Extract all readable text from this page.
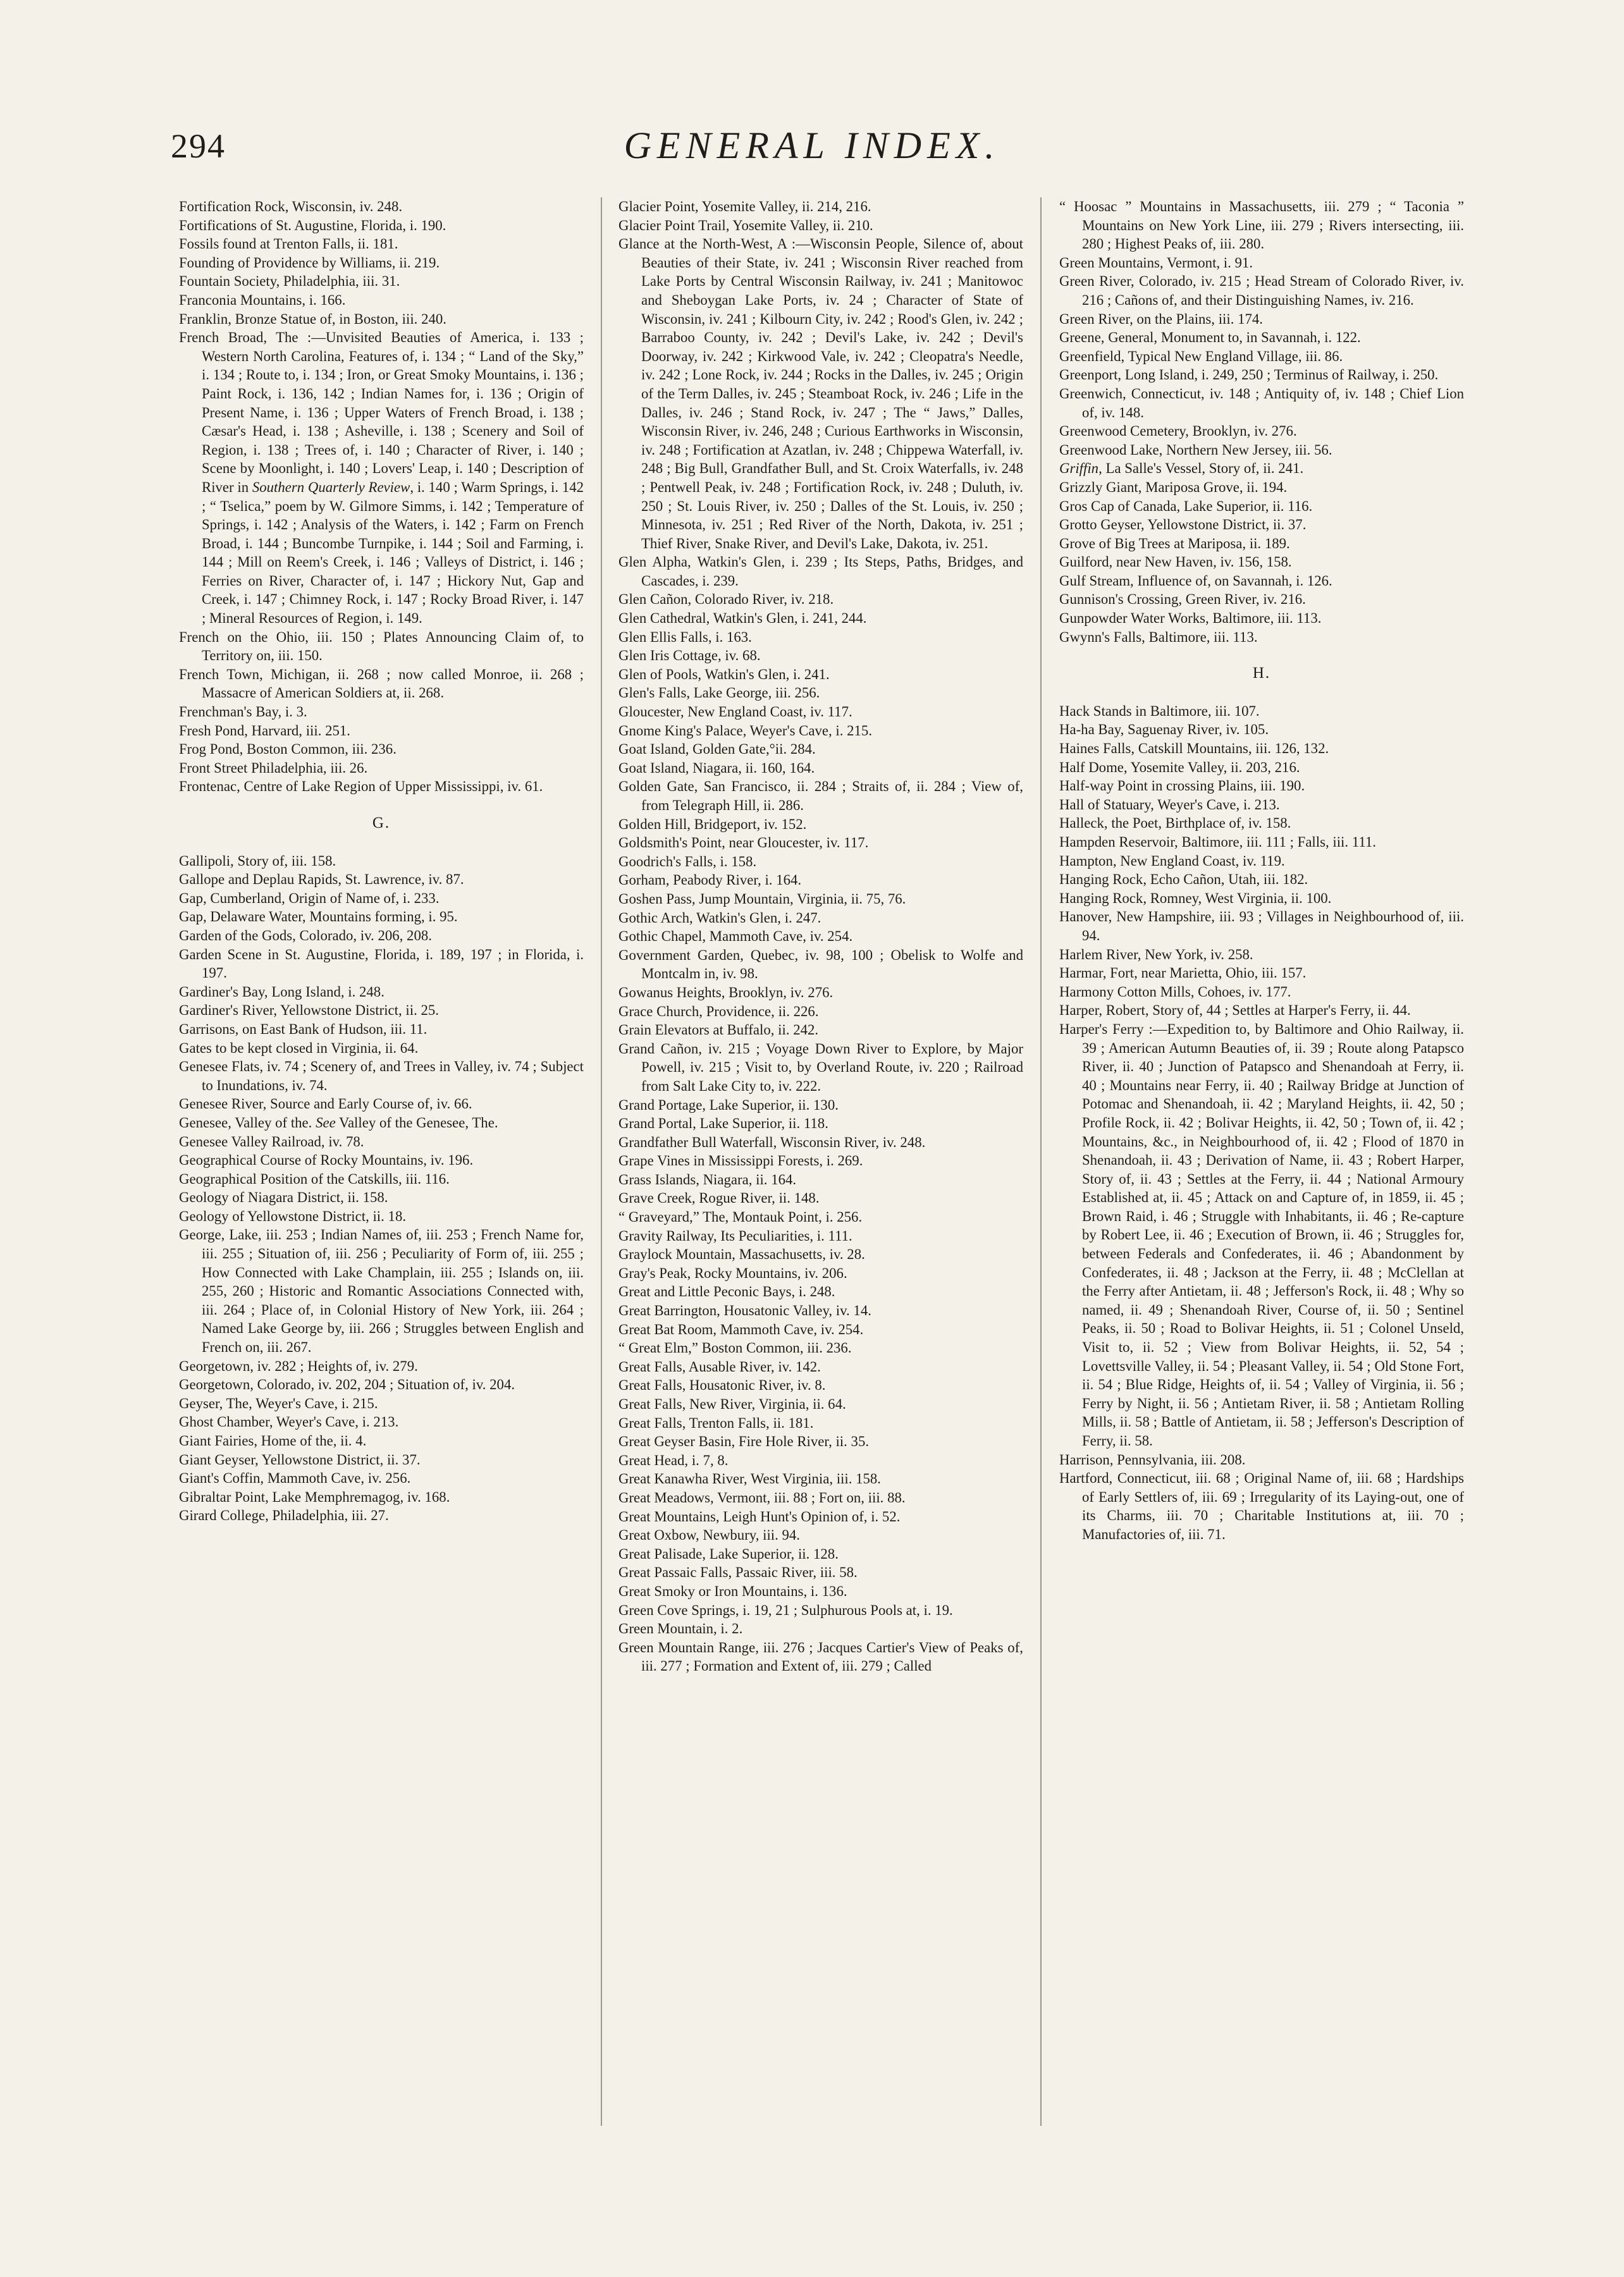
294	GENERAL INDEX.
Fortification Rock, Wisconsin, iv. 248.
Fortifications of St. Augustine, Florida, i. 190.
Fossils found at Trenton Falls, ii. 181.
Founding of Providence by Williams, ii. 219.
Fountain Society, Philadelphia, iii. 31.
Franconia Mountains, i. 166.
Franklin, Bronze Statue of, in Boston, iii. 240.
French Broad, The :—Unvisited Beauties of America, i. 133 ; Western North Carolina, Features of, i. 134 ; “ Land of the Sky,” i. 134 ; Route to, i. 134 ; Iron, or Great Smoky Mountains, i. 136 ; Paint Rock, i. 136, 142 ; Indian Names for, i. 136 ; Origin of Present Name, i. 136 ; Upper Waters of French Broad, i. 138 ; Cæsar's Head, i. 138 ; Asheville, i. 138 ; Scenery and Soil of Region, i. 138 ; Trees of, i. 140 ; Character of River, i. 140 ; Scene by Moonlight, i. 140 ; Lovers' Leap, i. 140 ; Description of River in Southern Quarterly Review, i. 140 ; Warm Springs, i. 142 ; “ Tselica,” poem by W. Gilmore Simms, i. 142 ; Temperature of Springs, i. 142 ; Analysis of the Waters, i. 142 ; Farm on French Broad, i. 144 ; Buncombe Turnpike, i. 144 ; Soil and Farming, i. 144 ; Mill on Reem's Creek, i. 146 ; Valleys of District, i. 146 ; Ferries on River, Character of, i. 147 ; Hickory Nut, Gap and Creek, i. 147 ; Chimney Rock, i. 147 ; Rocky Broad River, i. 147 ; Mineral Resources of Region, i. 149.
French on the Ohio, iii. 150 ; Plates Announcing Claim of, to Territory on, iii. 150.
French Town, Michigan, ii. 268 ; now called Monroe, ii. 268 ; Massacre of American Soldiers at, ii. 268.
Frenchman's Bay, i. 3.
Fresh Pond, Harvard, iii. 251.
Frog Pond, Boston Common, iii. 236.
Front Street Philadelphia, iii. 26.
Frontenac, Centre of Lake Region of Upper Mississippi, iv. 61.
G.
Gallipoli, Story of, iii. 158.
Gallope and Deplau Rapids, St. Lawrence, iv. 87.
Gap, Cumberland, Origin of Name of, i. 233.
Gap, Delaware Water, Mountains forming, i. 95.
Garden of the Gods, Colorado, iv. 206, 208.
Garden Scene in St. Augustine, Florida, i. 189, 197 ; in Florida, i. 197.
Gardiner's Bay, Long Island, i. 248.
Gardiner's River, Yellowstone District, ii. 25.
Garrisons, on East Bank of Hudson, iii. 11.
Gates to be kept closed in Virginia, ii. 64.
Genesee Flats, iv. 74 ; Scenery of, and Trees in Valley, iv. 74 ; Subject to Inundations, iv. 74.
Genesee River, Source and Early Course of, iv. 66.
Genesee, Valley of the. See Valley of the Genesee, The.
Genesee Valley Railroad, iv. 78.
Geographical Course of Rocky Mountains, iv. 196.
Geographical Position of the Catskills, iii. 116.
Geology of Niagara District, ii. 158.
Geology of Yellowstone District, ii. 18.
George, Lake, iii. 253 ; Indian Names of, iii. 253 ; French Name for, iii. 255 ; Situation of, iii. 256 ; Peculiarity of Form of, iii. 255 ; How Connected with Lake Champlain, iii. 255 ; Islands on, iii. 255, 260 ; Historic and Romantic Associations Connected with, iii. 264 ; Place of, in Colonial History of New York, iii. 264 ; Named Lake George by, iii. 266 ; Struggles between English and French on, iii. 267.
Georgetown, iv. 282 ; Heights of, iv. 279.
Georgetown, Colorado, iv. 202, 204 ; Situation of, iv. 204.
Geyser, The, Weyer's Cave, i. 215.
Ghost Chamber, Weyer's Cave, i. 213.
Giant Fairies, Home of the, ii. 4.
Giant Geyser, Yellowstone District, ii. 37.
Giant's Coffin, Mammoth Cave, iv. 256.
Gibraltar Point, Lake Memphremagog, iv. 168.
Girard College, Philadelphia, iii. 27.
Glacier Point, Yosemite Valley, ii. 214, 216.
Glacier Point Trail, Yosemite Valley, ii. 210.
Glance at the North-West, A :—Wisconsin People, Silence of, about Beauties of their State, iv. 241 ; Wisconsin River reached from Lake Ports by Central Wisconsin Railway, iv. 241 ; Manitowoc and Sheboygan Lake Ports, iv. 24 ; Character of State of Wisconsin, iv. 241 ; Kilbourn City, iv. 242 ; Rood's Glen, iv. 242 ; Barraboo County, iv. 242 ; Devil's Lake, iv. 242 ; Devil's Doorway, iv. 242 ; Kirkwood Vale, iv. 242 ; Cleopatra's Needle, iv. 242 ; Lone Rock, iv. 244 ; Rocks in the Dalles, iv. 245 ; Origin of the Term Dalles, iv. 245 ; Steamboat Rock, iv. 246 ; Life in the Dalles, iv. 246 ; Stand Rock, iv. 247 ; The “ Jaws,” Dalles, Wisconsin River, iv. 246, 248 ; Curious Earthworks in Wisconsin, iv. 248 ; Fortification at Azatlan, iv. 248 ; Chippewa Waterfall, iv. 248 ; Big Bull, Grandfather Bull, and St. Croix Waterfalls, iv. 248 ; Pentwell Peak, iv. 248 ; Fortification Rock, iv. 248 ; Duluth, iv. 250 ; St. Louis River, iv. 250 ; Dalles of the St. Louis, iv. 250 ; Minnesota, iv. 251 ; Red River of the North, Dakota, iv. 251 ; Thief River, Snake River, and Devil's Lake, Dakota, iv. 251.
Glen Alpha, Watkin's Glen, i. 239 ; Its Steps, Paths, Bridges, and Cascades, i. 239.
Glen Cañon, Colorado River, iv. 218.
Glen Cathedral, Watkin's Glen, i. 241, 244.
Glen Ellis Falls, i. 163.
Glen Iris Cottage, iv. 68.
Glen of Pools, Watkin's Glen, i. 241.
Glen's Falls, Lake George, iii. 256.
Gloucester, New England Coast, iv. 117.
Gnome King's Palace, Weyer's Cave, i. 215.
Goat Island, Golden Gate,°ii. 284.
Goat Island, Niagara, ii. 160, 164.
Golden Gate, San Francisco, ii. 284 ; Straits of, ii. 284 ; View of, from Telegraph Hill, ii. 286.
Golden Hill, Bridgeport, iv. 152.
Goldsmith's Point, near Gloucester, iv. 117.
Goodrich's Falls, i. 158.
Gorham, Peabody River, i. 164.
Goshen Pass, Jump Mountain, Virginia, ii. 75, 76.
Gothic Arch, Watkin's Glen, i. 247.
Gothic Chapel, Mammoth Cave, iv. 254.
Government Garden, Quebec, iv. 98, 100 ; Obelisk to Wolfe and Montcalm in, iv. 98.
Gowanus Heights, Brooklyn, iv. 276.
Grace Church, Providence, ii. 226.
Grain Elevators at Buffalo, ii. 242.
Grand Cañon, iv. 215 ; Voyage Down River to Explore, by Major Powell, iv. 215 ; Visit to, by Overland Route, iv. 220 ; Railroad from Salt Lake City to, iv. 222.
Grand Portage, Lake Superior, ii. 130.
Grand Portal, Lake Superior, ii. 118.
Grandfather Bull Waterfall, Wisconsin River, iv. 248.
Grape Vines in Mississippi Forests, i. 269.
Grass Islands, Niagara, ii. 164.
Grave Creek, Rogue River, ii. 148.
“ Graveyard,” The, Montauk Point, i. 256.
Gravity Railway, Its Peculiarities, i. 111.
Graylock Mountain, Massachusetts, iv. 28.
Gray's Peak, Rocky Mountains, iv. 206.
Great and Little Peconic Bays, i. 248.
Great Barrington, Housatonic Valley, iv. 14.
Great Bat Room, Mammoth Cave, iv. 254.
“ Great Elm,” Boston Common, iii. 236.
Great Falls, Ausable River, iv. 142.
Great Falls, Housatonic River, iv. 8.
Great Falls, New River, Virginia, ii. 64.
Great Falls, Trenton Falls, ii. 181.
Great Geyser Basin, Fire Hole River, ii. 35.
Great Head, i. 7, 8.
Great Kanawha River, West Virginia, iii. 158.
Great Meadows, Vermont, iii. 88 ; Fort on, iii. 88.
Great Mountains, Leigh Hunt's Opinion of, i. 52.
Great Oxbow, Newbury, iii. 94.
Great Palisade, Lake Superior, ii. 128.
Great Passaic Falls, Passaic River, iii. 58.
Great Smoky or Iron Mountains, i. 136.
Green Cove Springs, i. 19, 21 ; Sulphurous Pools at, i. 19.
Green Mountain, i. 2.
Green Mountain Range, iii. 276 ; Jacques Cartier's View of Peaks of, iii. 277 ; Formation and Extent of, iii. 279 ; Called
“ Hoosac ” Mountains in Massachusetts, iii. 279 ; “ Taconia ” Mountains on New York Line, iii. 279 ; Rivers intersecting, iii. 280 ; Highest Peaks of, iii. 280.
Green Mountains, Vermont, i. 91.
Green River, Colorado, iv. 215 ; Head Stream of Colorado River, iv. 216 ; Cañons of, and their Distinguishing Names, iv. 216.
Green River, on the Plains, iii. 174.
Greene, General, Monument to, in Savannah, i. 122.
Greenfield, Typical New England Village, iii. 86.
Greenport, Long Island, i. 249, 250 ; Terminus of Railway, i. 250.
Greenwich, Connecticut, iv. 148 ; Antiquity of, iv. 148 ; Chief Lion of, iv. 148.
Greenwood Cemetery, Brooklyn, iv. 276.
Greenwood Lake, Northern New Jersey, iii. 56.
Griffin, La Salle's Vessel, Story of, ii. 241.
Grizzly Giant, Mariposa Grove, ii. 194.
Gros Cap of Canada, Lake Superior, ii. 116.
Grotto Geyser, Yellowstone District, ii. 37.
Grove of Big Trees at Mariposa, ii. 189.
Guilford, near New Haven, iv. 156, 158.
Gulf Stream, Influence of, on Savannah, i. 126.
Gunnison's Crossing, Green River, iv. 216.
Gunpowder Water Works, Baltimore, iii. 113.
Gwynn's Falls, Baltimore, iii. 113.
H.
Hack Stands in Baltimore, iii. 107.
Ha-ha Bay, Saguenay River, iv. 105.
Haines Falls, Catskill Mountains, iii. 126, 132.
Half Dome, Yosemite Valley, ii. 203, 216.
Half-way Point in crossing Plains, iii. 190.
Hall of Statuary, Weyer's Cave, i. 213.
Halleck, the Poet, Birthplace of, iv. 158.
Hampden Reservoir, Baltimore, iii. 111 ; Falls, iii. 111.
Hampton, New England Coast, iv. 119.
Hanging Rock, Echo Cañon, Utah, iii. 182.
Hanging Rock, Romney, West Virginia, ii. 100.
Hanover, New Hampshire, iii. 93 ; Villages in Neighbourhood of, iii. 94.
Harlem River, New York, iv. 258.
Harmar, Fort, near Marietta, Ohio, iii. 157.
Harmony Cotton Mills, Cohoes, iv. 177.
Harper, Robert, Story of, 44 ; Settles at Harper's Ferry, ii. 44.
Harper's Ferry :—Expedition to, by Baltimore and Ohio Railway, ii. 39 ; American Autumn Beauties of, ii. 39 ; Route along Patapsco River, ii. 40 ; Junction of Patapsco and Shenandoah at Ferry, ii. 40 ; Mountains near Ferry, ii. 40 ; Railway Bridge at Junction of Potomac and Shenandoah, ii. 42 ; Maryland Heights, ii. 42, 50 ; Profile Rock, ii. 42 ; Bolivar Heights, ii. 42, 50 ; Town of, ii. 42 ; Mountains, &c., in Neighbourhood of, ii. 42 ; Flood of 1870 in Shenandoah, ii. 43 ; Derivation of Name, ii. 43 ; Robert Harper, Story of, ii. 43 ; Settles at the Ferry, ii. 44 ; National Armoury Established at, ii. 45 ; Attack on and Capture of, in 1859, ii. 45 ; Brown Raid, i. 46 ; Struggle with Inhabitants, ii. 46 ; Re-capture by Robert Lee, ii. 46 ; Execution of Brown, ii. 46 ; Struggles for, between Federals and Confederates, ii. 46 ; Abandonment by Confederates, ii. 48 ; Jackson at the Ferry, ii. 48 ; McClellan at the Ferry after Antietam, ii. 48 ; Jefferson's Rock, ii. 48 ; Why so named, ii. 49 ; Shenandoah River, Course of, ii. 50 ; Sentinel Peaks, ii. 50 ; Road to Bolivar Heights, ii. 51 ; Colonel Unseld, Visit to, ii. 52 ; View from Bolivar Heights, ii. 52, 54 ; Lovettsville Valley, ii. 54 ; Pleasant Valley, ii. 54 ; Old Stone Fort, ii. 54 ; Blue Ridge, Heights of, ii. 54 ; Valley of Virginia, ii. 56 ; Ferry by Night, ii. 56 ; Antietam River, ii. 58 ; Antietam Rolling Mills, ii. 58 ; Battle of Antietam, ii. 58 ; Jefferson's Description of Ferry, ii. 58.
Harrison, Pennsylvania, iii. 208.
Hartford, Connecticut, iii. 68 ; Original Name of, iii. 68 ; Hardships of Early Settlers of, iii. 69 ; Irregularity of its Laying-out, one of its Charms, iii. 70 ; Charitable Institutions at, iii. 70 ; Manufactories of, iii. 71.
